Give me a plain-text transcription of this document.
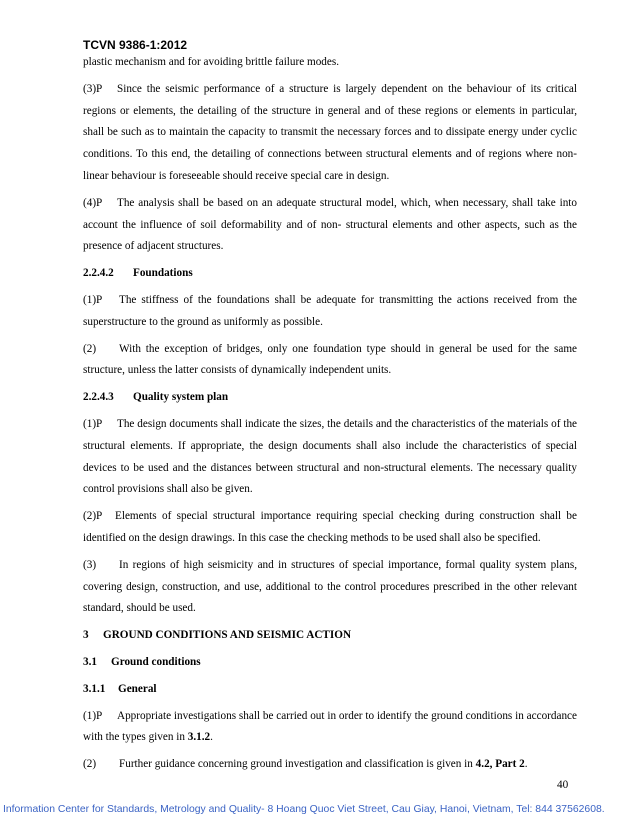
TCVN 9386-1:2012

plastic mechanism and for avoiding brittle failure modes.

(3)P Since the seismic performance of a structure is largely dependent on the behaviour of its critical regions or elements, the detailing of the structure in general and of these regions or elements in particular, shall be such as to maintain the capacity to transmit the necessary forces and to dissipate energy under cyclic conditions. To this end, the detailing of connections between structural elements and of regions where non- linear behaviour is foreseeable should receive special care in design.

(4)P The analysis shall be based on an adequate structural model, which, when necessary, shall take into account the influence of soil deformability and of non- structural elements and other aspects, such as the presence of adjacent structures.

2.2.4.2 Foundations

(1)P The stiffness of the foundations shall be adequate for transmitting the actions received from the superstructure to the ground as uniformly as possible.

(2) With the exception of bridges, only one foundation type should in general be used for the same structure, unless the latter consists of dynamically independent units.

2.2.4.3 Quality system plan

(1)P The design documents shall indicate the sizes, the details and the characteristics of the materials of the structural elements. If appropriate, the design documents shall also include the characteristics of special devices to be used and the distances between structural and non-structural elements. The necessary quality control provisions shall also be given.

(2)P Elements of special structural importance requiring special checking during construction shall be identified on the design drawings. In this case the checking methods to be used shall also be specified.

(3) In regions of high seismicity and in structures of special importance, formal quality system plans, covering design, construction, and use, additional to the control procedures prescribed in the other relevant standard, should be used.

3 GROUND CONDITIONS AND SEISMIC ACTION
3.1 Ground conditions
3.1.1 General

(1)P Appropriate investigations shall be carried out in order to identify the ground conditions in accordance with the types given in 3.1.2.

(2) Further guidance concerning ground investigation and classification is given in 4.2, Part 2.

40
Information Center for Standards, Metrology and Quality- 8 Hoang Quoc Viet Street, Cau Giay, Hanoi, Vietnam, Tel: 844 37562608.
